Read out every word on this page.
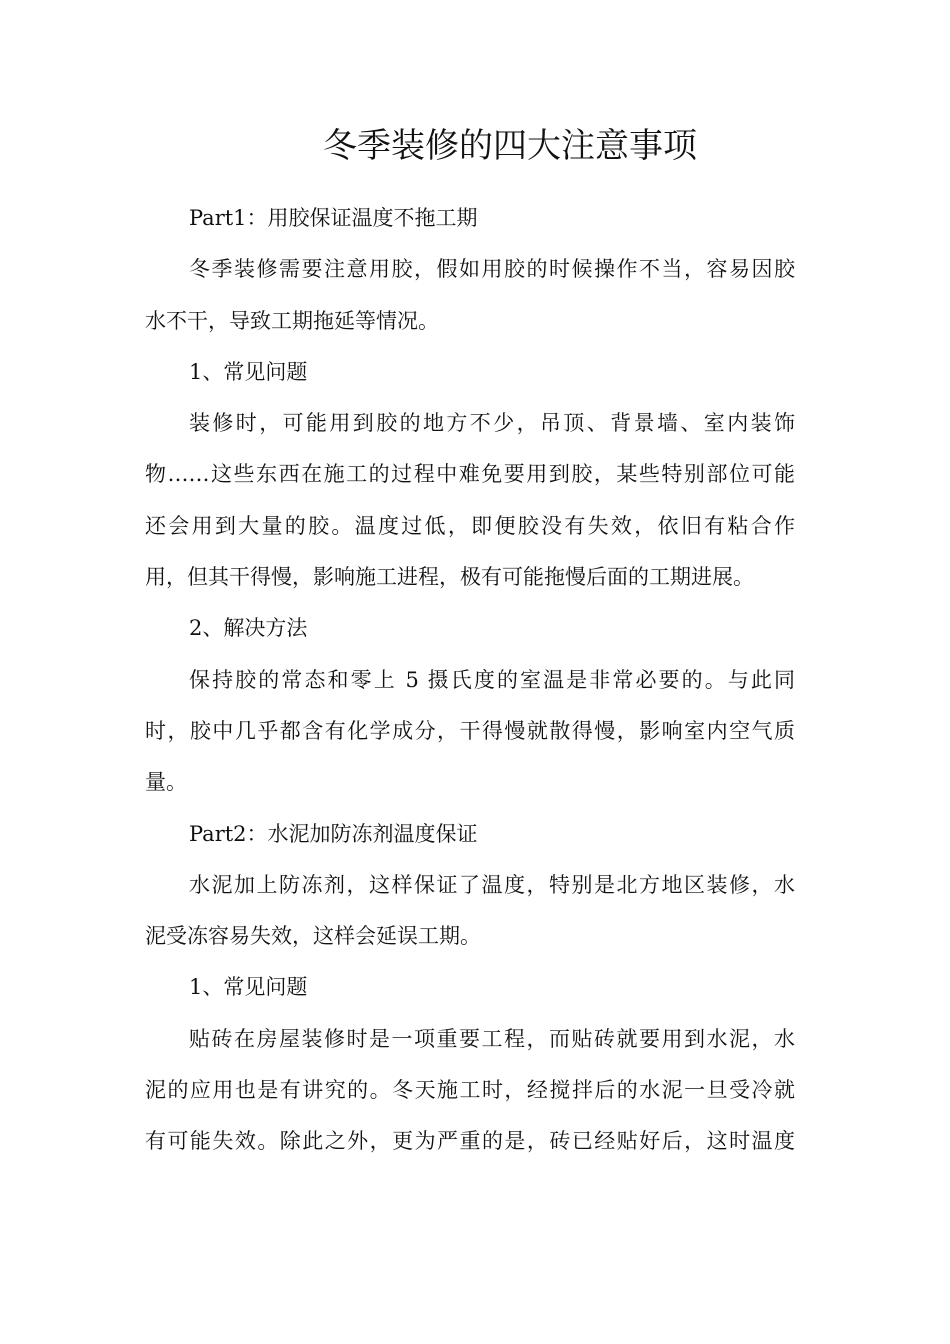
冬季装修的四大注意事项
Part1：用胶保证温度不拖工期
冬季装修需要注意用胶，假如用胶的时候操作不当，容易因胶
水不干，导致工期拖延等情况。
1、常见问题
装修时，可能用到胶的地方不少，吊顶、背景墙、室内装饰
物……这些东西在施工的过程中难免要用到胶，某些特别部位可能
还会用到大量的胶。温度过低，即便胶没有失效，依旧有粘合作
用，但其干得慢，影响施工进程，极有可能拖慢后面的工期进展。
2、解决方法
保持胶的常态和零上 5 摄氏度的室温是非常必要的。与此同
时，胶中几乎都含有化学成分，干得慢就散得慢，影响室内空气质
量。
Part2：水泥加防冻剂温度保证
水泥加上防冻剂，这样保证了温度，特别是北方地区装修，水
泥受冻容易失效，这样会延误工期。
1、常见问题
贴砖在房屋装修时是一项重要工程，而贴砖就要用到水泥，水
泥的应用也是有讲究的。冬天施工时，经搅拌后的水泥一旦受冷就
有可能失效。除此之外，更为严重的是，砖已经贴好后，这时温度
